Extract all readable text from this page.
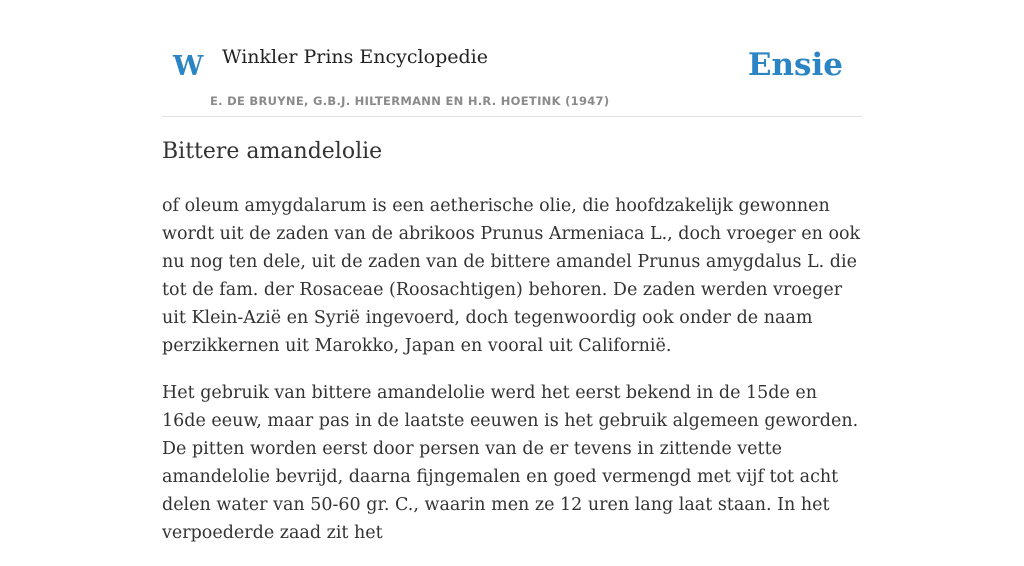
W Winkler Prins Encyclopedie
E. DE BRUYNE, G.B.J. HILTERMANN EN H.R. HOETINK (1947)
Ensie
Bittere amandelolie

of oleum amygdalarum is een aetherische olie, die hoofdzakelijk gewonnen wordt uit de zaden van de abrikoos Prunus Armeniaca L., doch vroeger en ook nu nog ten dele, uit de zaden van de bittere amandel Prunus amygdalus L. die tot de fam. der Rosaceae (Roosachtigen) behoren. De zaden werden vroeger uit Klein-Azië en Syrië ingevoerd, doch tegenwoordig ook onder de naam perzikkernen uit Marokko, Japan en vooral uit Californië.

Het gebruik van bittere amandelolie werd het eerst bekend in de 15de en 16de eeuw, maar pas in de laatste eeuwen is het gebruik algemeen geworden. De pitten worden eerst door persen van de er tevens in zittende vette amandelolie bevrijd, daarna fijngemalen en goed vermengd met vijf tot acht delen water van 50-60 gr. C., waarin men ze 12 uren lang laat staan. In het verpoederde zaad zit het
